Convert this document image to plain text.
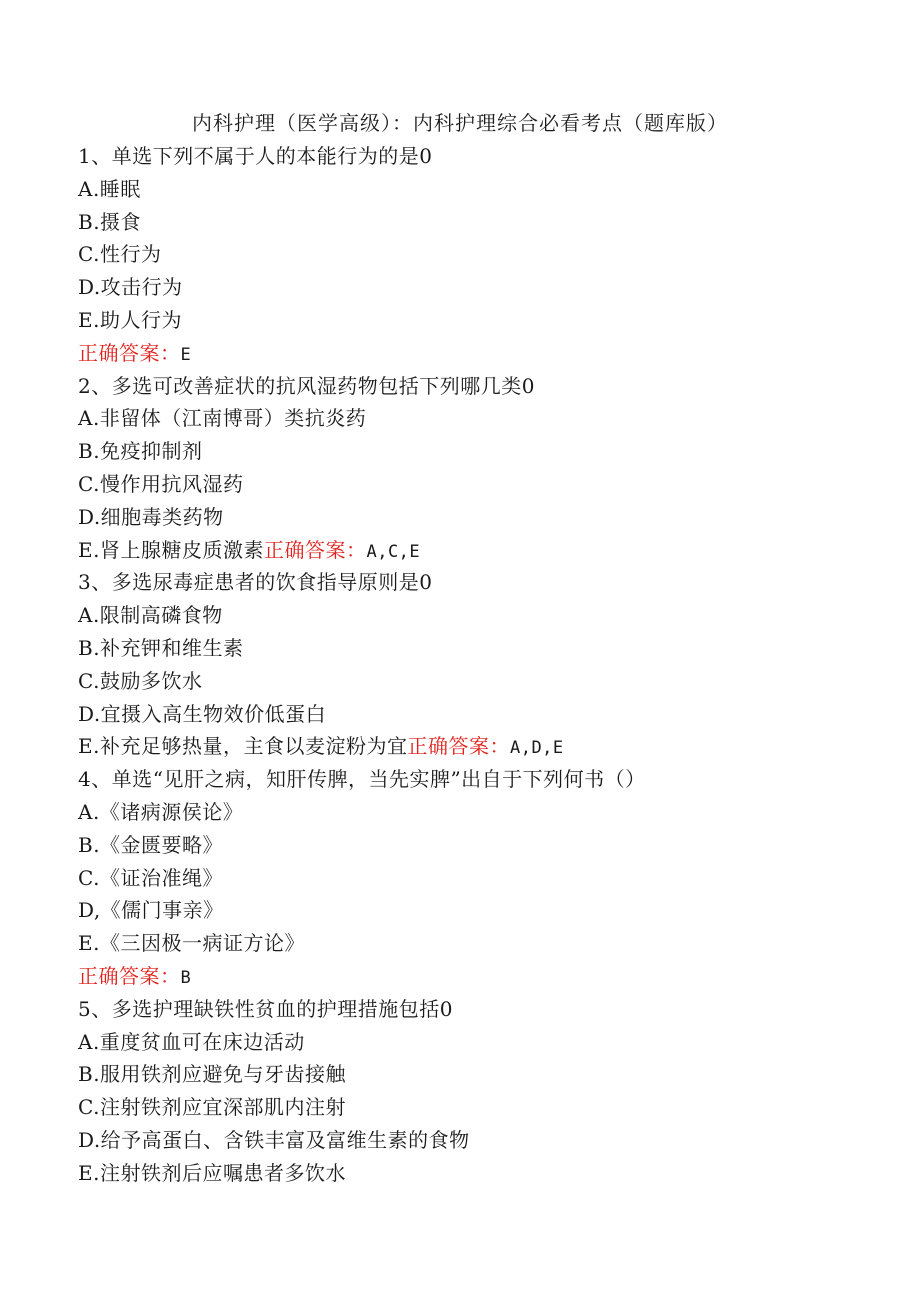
内科护理（医学高级）：内科护理综合必看考点（题库版）
1、单选下列不属于人的本能行为的是0
A.睡眠
B.摄食
C.性行为
D.攻击行为
E.助人行为
正确答案：E
2、多选可改善症状的抗风湿药物包括下列哪几类0
A.非留体（江南博哥）类抗炎药
B.免疫抑制剂
C.慢作用抗风湿药
D.细胞毒类药物
E.肾上腺糖皮质激素正确答案：A,C,E
3、多选尿毒症患者的饮食指导原则是0
A.限制高磷食物
B.补充钾和维生素
C.鼓励多饮水
D.宜摄入高生物效价低蛋白
E.补充足够热量，主食以麦淀粉为宜正确答案：A,D,E
4、单选“见肝之病，知肝传脾，当先实脾”出自于下列何书（）
A.《诸病源侯论》
B.《金匮要略》
C.《证治准绳》
D,《儒门事亲》
E.《三因极一病证方论》
正确答案：B
5、多选护理缺铁性贫血的护理措施包括0
A.重度贫血可在床边活动
B.服用铁剂应避免与牙齿接触
C.注射铁剂应宜深部肌内注射
D.给予高蛋白、含铁丰富及富维生素的食物
E.注射铁剂后应嘱患者多饮水
